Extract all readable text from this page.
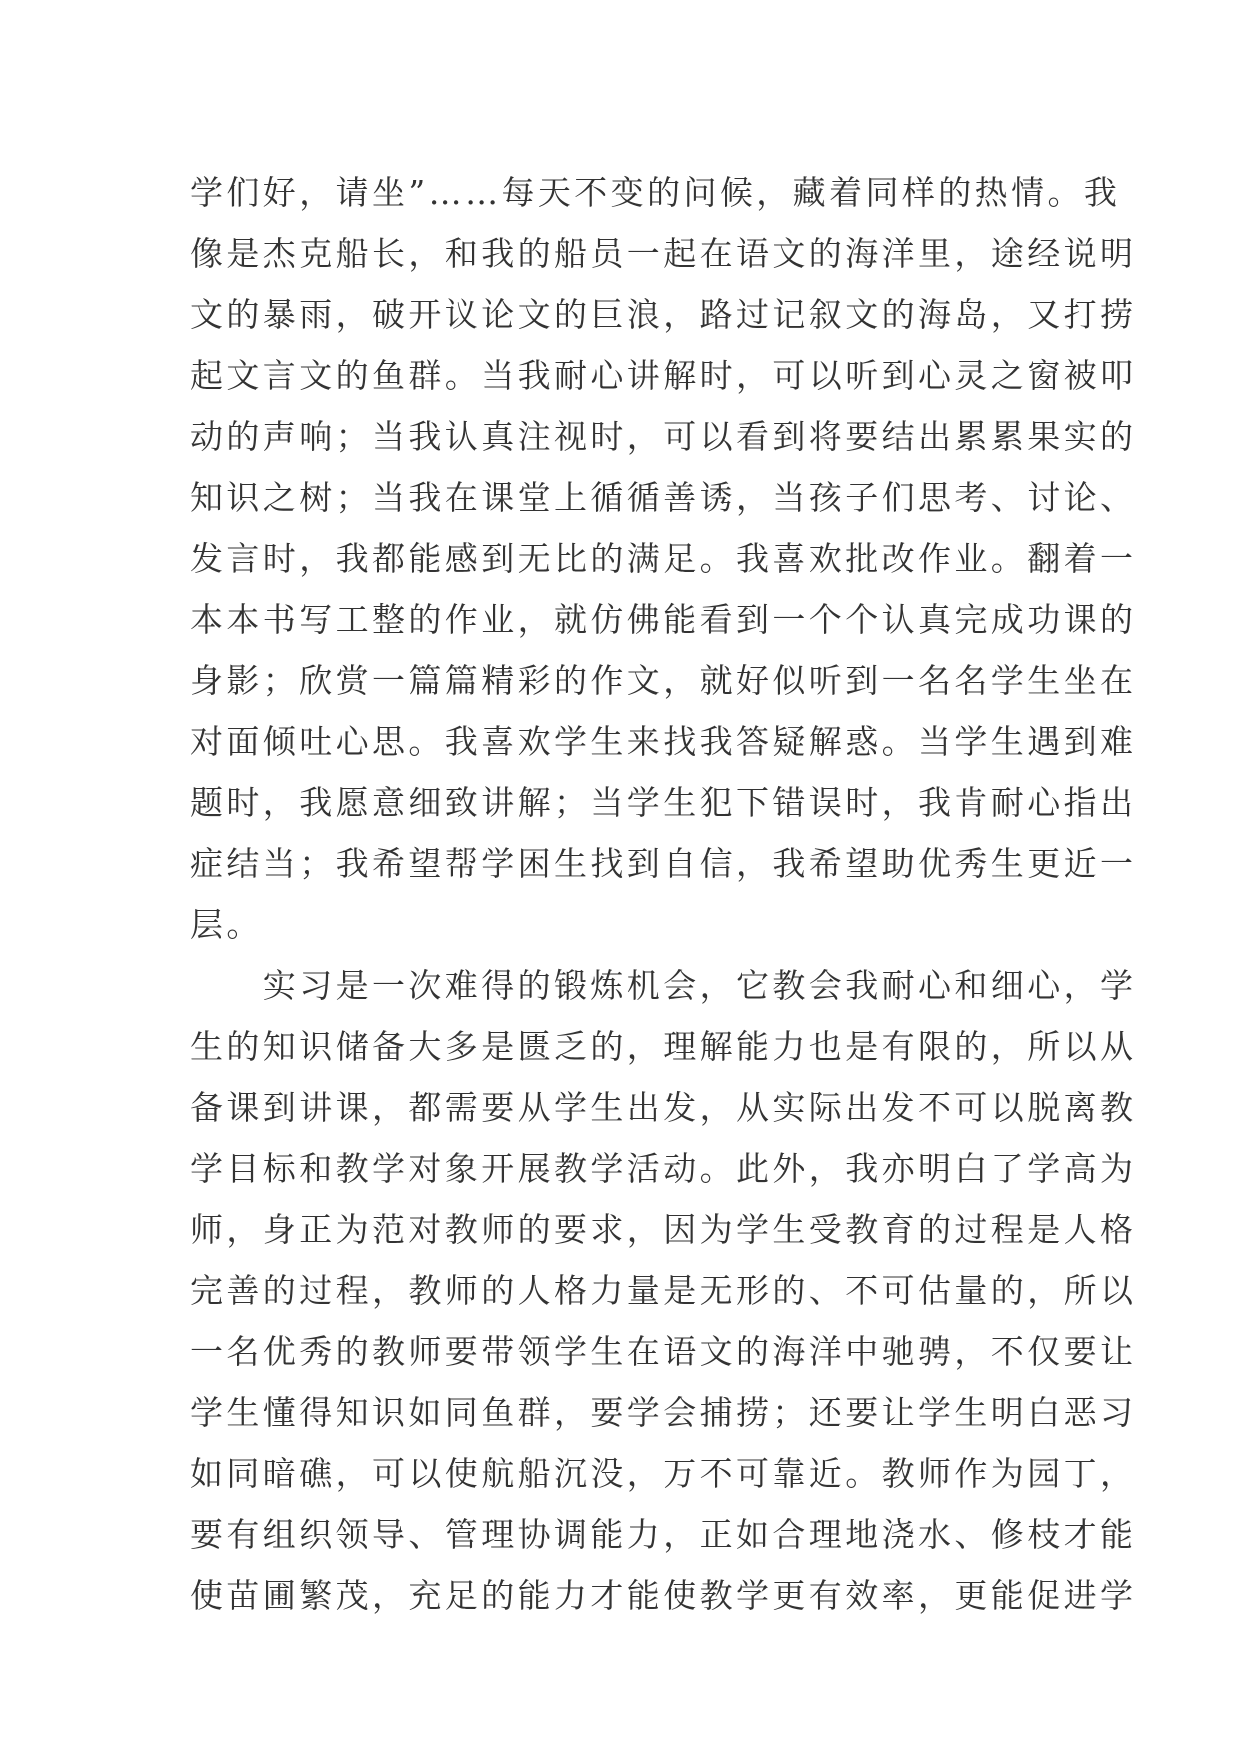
学们好，请坐”……每天不变的问候，藏着同样的热情。我
像是杰克船长，和我的船员一起在语文的海洋里，途经说明
文的暴雨，破开议论文的巨浪，路过记叙文的海岛，又打捞
起文言文的鱼群。当我耐心讲解时，可以听到心灵之窗被叩
动的声响；当我认真注视时，可以看到将要结出累累果实的
知识之树；当我在课堂上循循善诱，当孩子们思考、讨论、
发言时，我都能感到无比的满足。我喜欢批改作业。翻着一
本本书写工整的作业，就仿佛能看到一个个认真完成功课的
身影；欣赏一篇篇精彩的作文，就好似听到一名名学生坐在
对面倾吐心思。我喜欢学生来找我答疑解惑。当学生遇到难
题时，我愿意细致讲解；当学生犯下错误时，我肯耐心指出
症结当；我希望帮学困生找到自信，我希望助优秀生更近一
层。
　　实习是一次难得的锻炼机会，它教会我耐心和细心，学
生的知识储备大多是匮乏的，理解能力也是有限的，所以从
备课到讲课，都需要从学生出发，从实际出发不可以脱离教
学目标和教学对象开展教学活动。此外，我亦明白了学高为
师，身正为范对教师的要求，因为学生受教育的过程是人格
完善的过程，教师的人格力量是无形的、不可估量的，所以
一名优秀的教师要带领学生在语文的海洋中驰骋，不仅要让
学生懂得知识如同鱼群，要学会捕捞；还要让学生明白恶习
如同暗礁，可以使航船沉没，万不可靠近。教师作为园丁，
要有组织领导、管理协调能力，正如合理地浇水、修枝才能
使苗圃繁茂，充足的能力才能使教学更有效率，更能促进学
